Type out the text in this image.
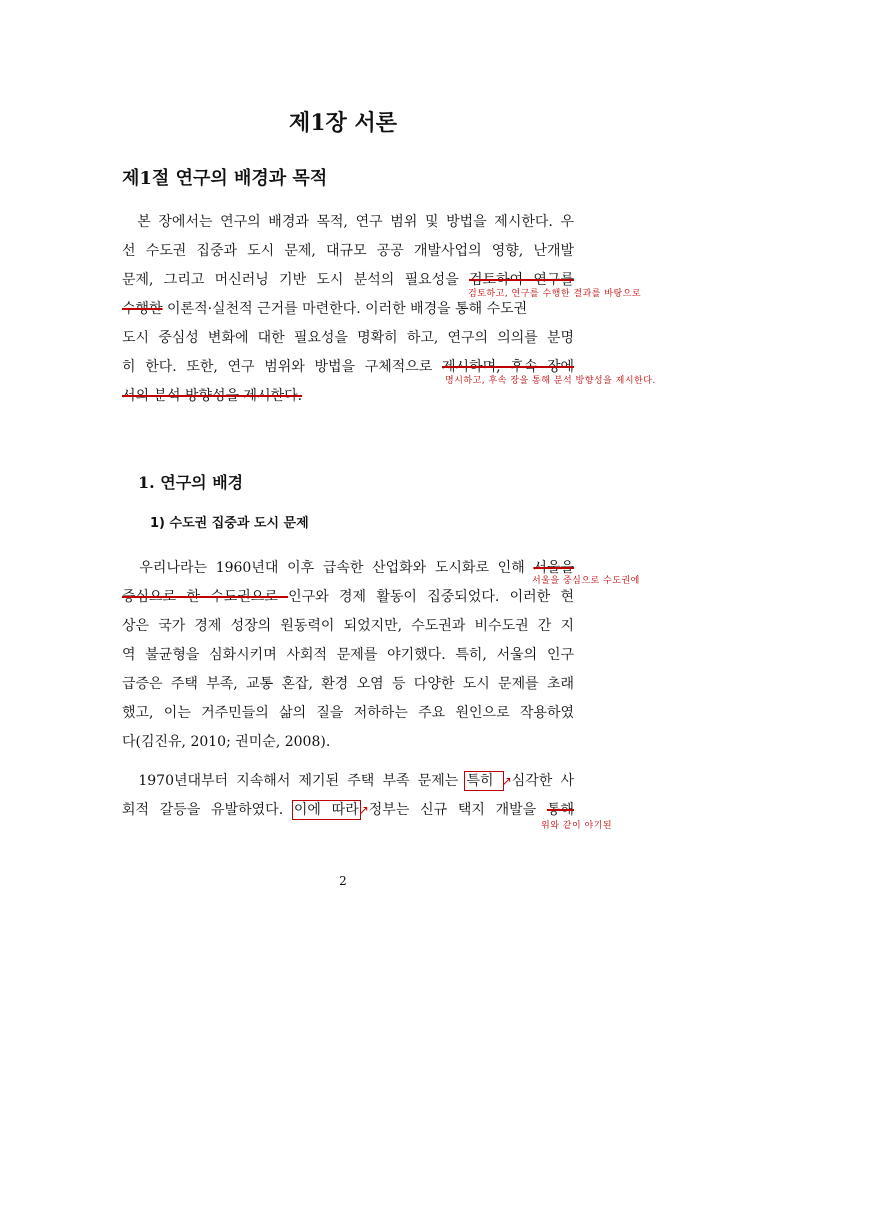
제1장 서론
제1절 연구의 배경과 목적
본 장에서는 연구의 배경과 목적, 연구 범위 및 방법을 제시한다. 우
선 수도권 집중과 도시 문제, 대규모 공공 개발사업의 영향, 난개발
문제, 그리고 머신러닝 기반 도시 분석의 필요성을 검토하여 연구를
검토하고, 연구를 수행한 결과를 바탕으로
수행한 이론적·실천적 근거를 마련한다. 이러한 배경을 통해 수도권
도시 중심성 변화에 대한 필요성을 명확히 하고, 연구의 의의를 분명
히 한다. 또한, 연구 범위와 방법을 구체적으로 제시하며, 후속 장에
명시하고, 후속 장을 통해 분석 방향성을 제시한다.
서의 분석 방향성을 제시한다.
1. 연구의 배경
1) 수도권 집중과 도시 문제
우리나라는 1960년대 이후 급속한 산업화와 도시화로 인해 서울을
서울을 중심으로 수도권에
중심으로 한 수도권으로 인구와 경제 활동이 집중되었다. 이러한 현
상은 국가 경제 성장의 원동력이 되었지만, 수도권과 비수도권 간 지
역 불균형을 심화시키며 사회적 문제를 야기했다. 특히, 서울의 인구
급증은 주택 부족, 교통 혼잡, 환경 오염 등 다양한 도시 문제를 초래
했고, 이는 거주민들의 삶의 질을 저하하는 주요 원인으로 작용하였
다(김진유, 2010; 권미순, 2008).
1970년대부터 지속해서 제기된 주택 부족 문제는 특히 ↗심각한 사
회적 갈등을 유발하였다. 이에 따라↗정부는 신규 택지 개발을 통해
위와 같이 야기된
2
